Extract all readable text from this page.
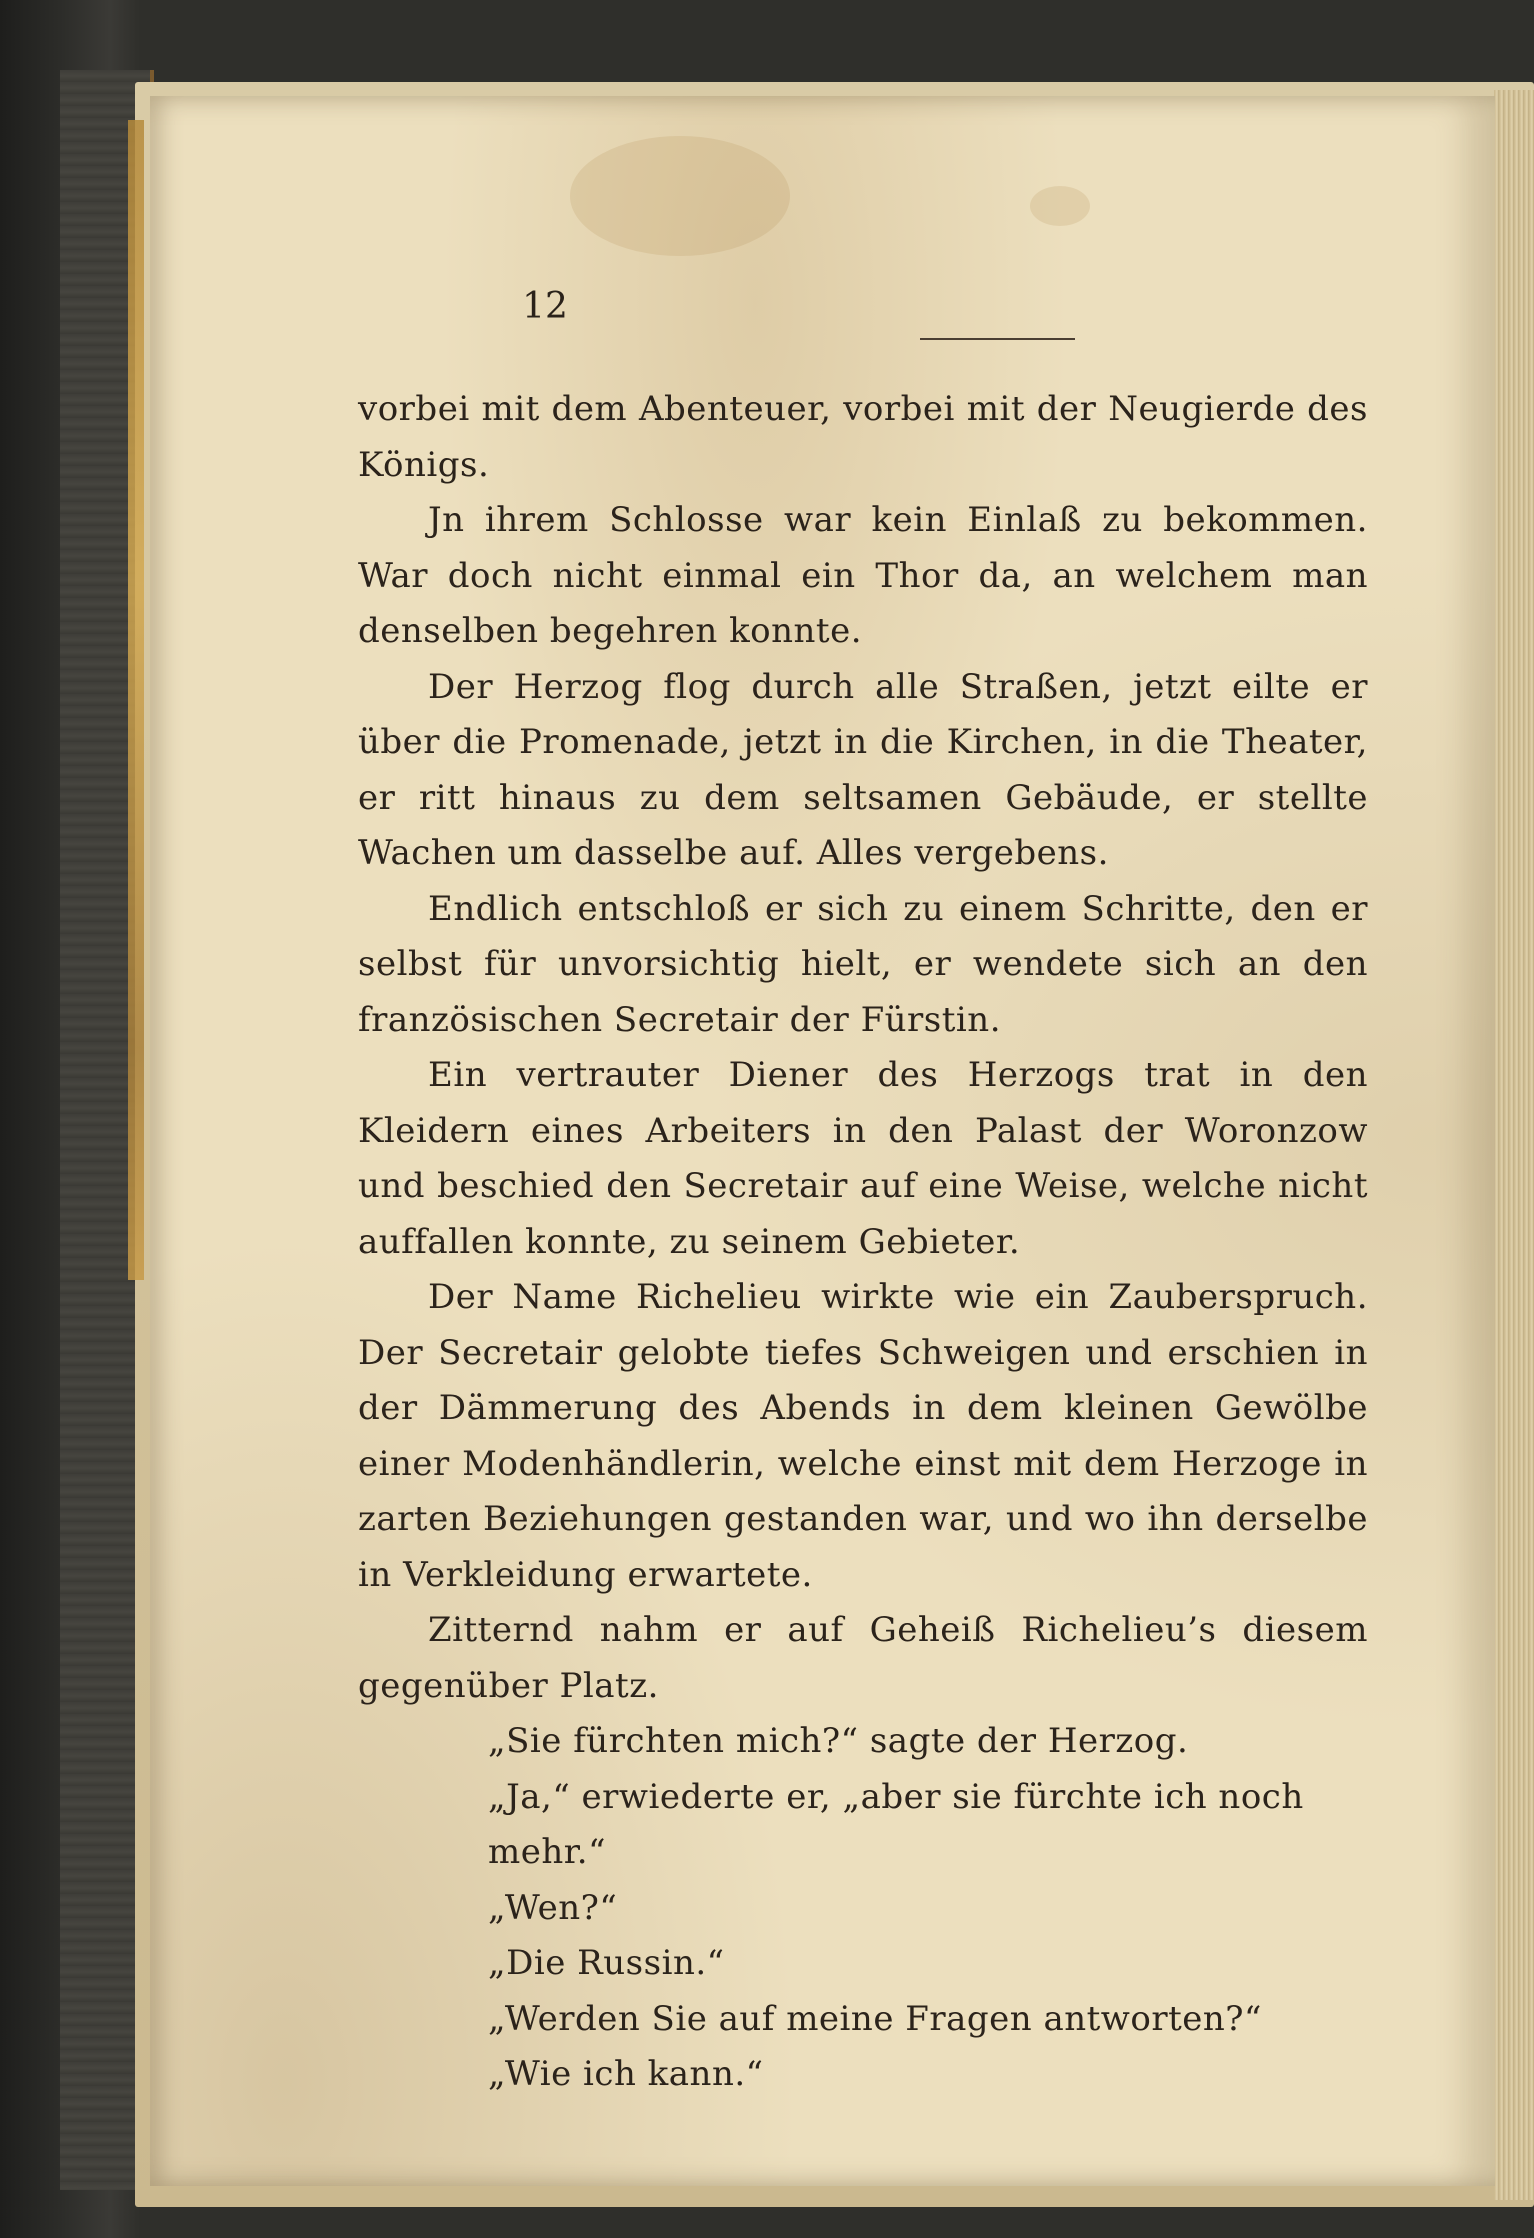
12

vorbei mit dem Abenteuer, vorbei mit der Neugierde des Königs.

Jn ihrem Schlosse war kein Einlaß zu bekommen. War doch nicht einmal ein Thor da, an welchem man denselben begehren konnte.

Der Herzog flog durch alle Straßen, jetzt eilte er über die Promenade, jetzt in die Kirchen, in die Theater, er ritt hinaus zu dem seltsamen Gebäude, er stellte Wachen um dasselbe auf. Alles vergebens.

Endlich entschloß er sich zu einem Schritte, den er selbst für unvorsichtig hielt, er wendete sich an den französischen Secretair der Fürstin.

Ein vertrauter Diener des Herzogs trat in den Kleidern eines Arbeiters in den Palast der Woronzow und beschied den Secretair auf eine Weise, welche nicht auffallen konnte, zu seinem Gebieter.

Der Name Richelieu wirkte wie ein Zauberspruch. Der Secretair gelobte tiefes Schweigen und erschien in der Dämmerung des Abends in dem kleinen Gewölbe einer Modenhändlerin, welche einst mit dem Herzoge in zarten Beziehungen gestanden war, und wo ihn derselbe in Verkleidung erwartete.

Zitternd nahm er auf Geheiß Richelieu’s diesem gegenüber Platz.

„Sie fürchten mich?“ sagte der Herzog.

„Ja,“ erwiederte er, „aber sie fürchte ich noch mehr.“

„Wen?“

„Die Russin.“

„Werden Sie auf meine Fragen antworten?“

„Wie ich kann.“
